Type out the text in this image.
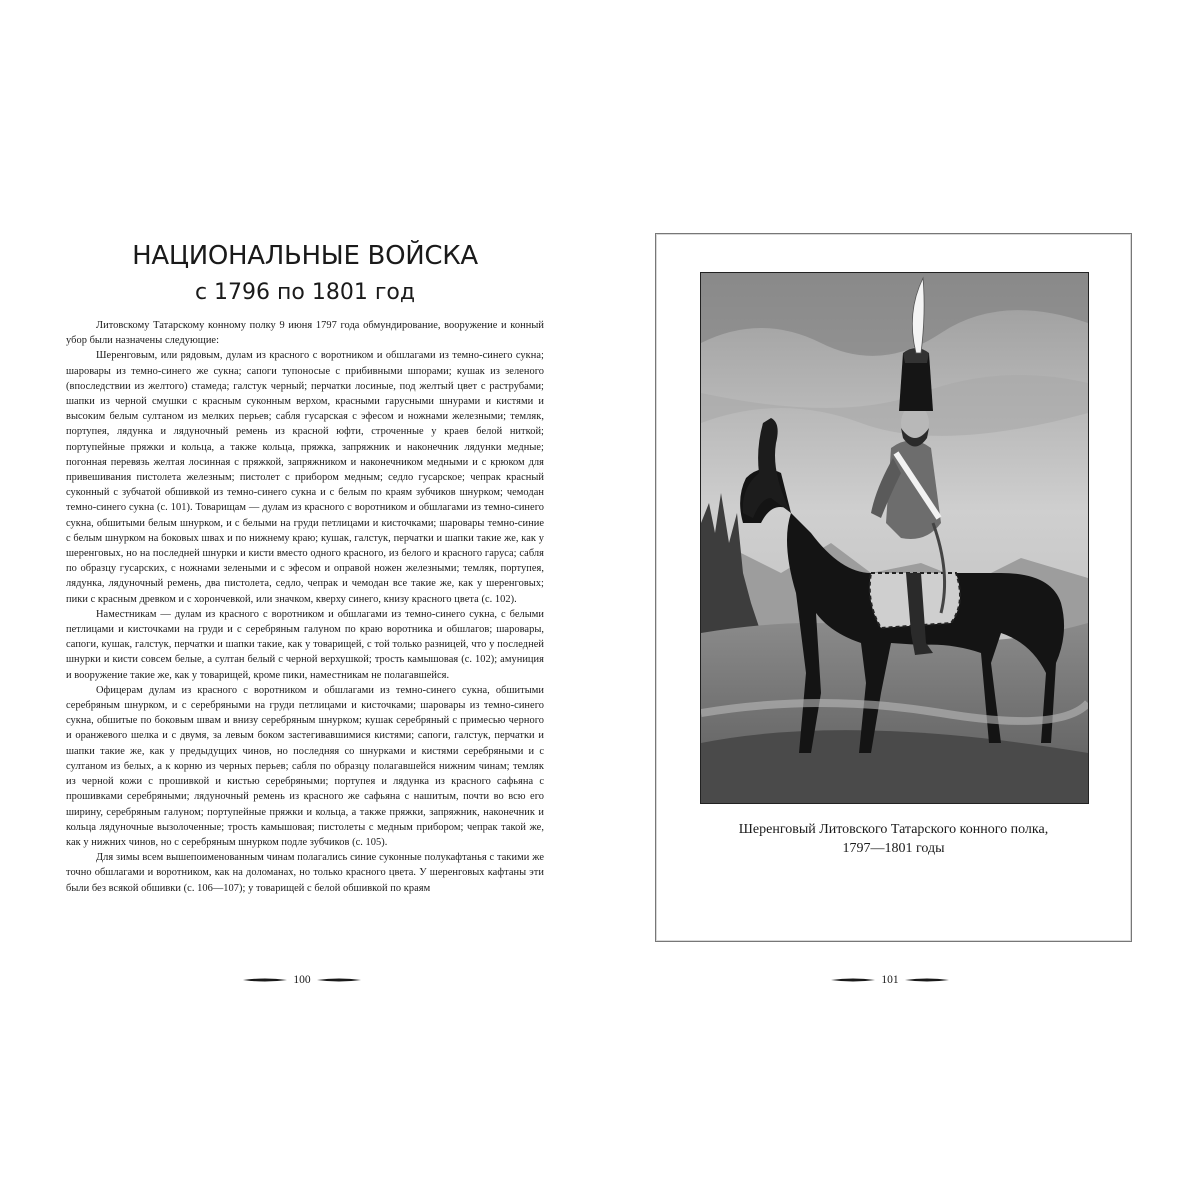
НАЦИОНАЛЬНЫЕ ВОЙСКА
с 1796 по 1801 год

Литовскому Татарскому конному полку 9 июня 1797 года обмундирование, вооружение и конный убор были назначены следующие:

Шеренговым, или рядовым, дулам из красного с воротником и обшлагами из темно-синего сукна; шаровары из темно-синего же сукна; сапоги тупоносые с прибивными шпорами; кушак из зеленого (впоследствии из желтого) стамеда; галстук черный; перчатки лосиные, под желтый цвет с раструбами; шапки из черной смушки с красным суконным верхом, красными гарусными шнурами и кистями и высоким белым султаном из мелких перьев; сабля гусарская с эфесом и ножнами железными; темляк, портупея, лядунка и лядуночный ремень из красной юфти, строченные у краев белой ниткой; портупейные пряжки и кольца, а также кольца, пряжка, запряжник и наконечник лядунки медные; погонная перевязь желтая лосинная с пряжкой, запряжником и наконечником медными и с крюком для привешивания пистолета железным; пистолет с прибором медным; седло гусарское; чепрак красный суконный с зубчатой обшивкой из темно-синего сукна и с белым по краям зубчиков шнурком; чемодан темно-синего сукна (с. 101). Товарищам — дулам из красного с воротником и обшлагами из темно-синего сукна, обшитыми белым шнурком, и с белыми на груди петлицами и кисточками; шаровары темно-синие с белым шнурком на боковых швах и по нижнему краю; кушак, галстук, перчатки и шапки такие же, как у шеренговых, но на последней шнурки и кисти вместо одного красного, из белого и красного гаруса; сабля по образцу гусарских, с ножнами зелеными и с эфесом и оправой ножен железными; темляк, портупея, лядунка, лядуночный ремень, два пистолета, седло, чепрак и чемодан все такие же, как у шеренговых; пики с красным древком и с хорончевкой, или значком, кверху синего, книзу красного цвета (с. 102).

Наместникам — дулам из красного с воротником и обшлагами из темно-синего сукна, с белыми петлицами и кисточками на груди и с серебряным галуном по краю воротника и обшлагов; шаровары, сапоги, кушак, галстук, перчатки и шапки такие, как у товарищей, с той только разницей, что у последней шнурки и кисти совсем белые, а султан белый с черной верхушкой; трость камышовая (с. 102); амуниция и вооружение такие же, как у товарищей, кроме пики, наместникам не полагавшейся.

Офицерам дулам из красного с воротником и обшлагами из темно-синего сукна, обшитыми серебряным шнурком, и с серебряными на груди петлицами и кисточками; шаровары из темно-синего сукна, обшитые по боковым швам и внизу серебряным шнурком; кушак серебряный с примесью черного и оранжевого шелка и с двумя, за левым боком застегивавшимися кистями; сапоги, галстук, перчатки и шапки такие же, как у предыдущих чинов, но последняя со шнурками и кистями серебряными и с султаном из белых, а к корню из черных перьев; сабля по образцу полагавшейся нижним чинам; темляк из черной кожи с прошивкой и кистью серебряными; портупея и лядунка из красного сафьяна с прошивками серебряными; лядуночный ремень из красного же сафьяна с нашитым, почти во всю его ширину, серебряным галуном; портупейные пряжки и кольца, а также пряжки, запряжник, наконечник и кольца лядуночные вызолоченные; трость камышовая; пистолеты с медным прибором; чепрак такой же, как у нижних чинов, но с серебряным шнурком подле зубчиков (с. 105).

Для зимы всем вышепоименованным чинам полагались синие суконные полукафтанья с такими же точно обшлагами и воротником, как на доломанах, но только красного цвета. У шеренговых кафтаны эти были без всякой обшивки (с. 106—107); у товарищей с белой обшивкой по краям

100
Шеренговый Литовского Татарского конного полка,
1797—1801 годы
101
